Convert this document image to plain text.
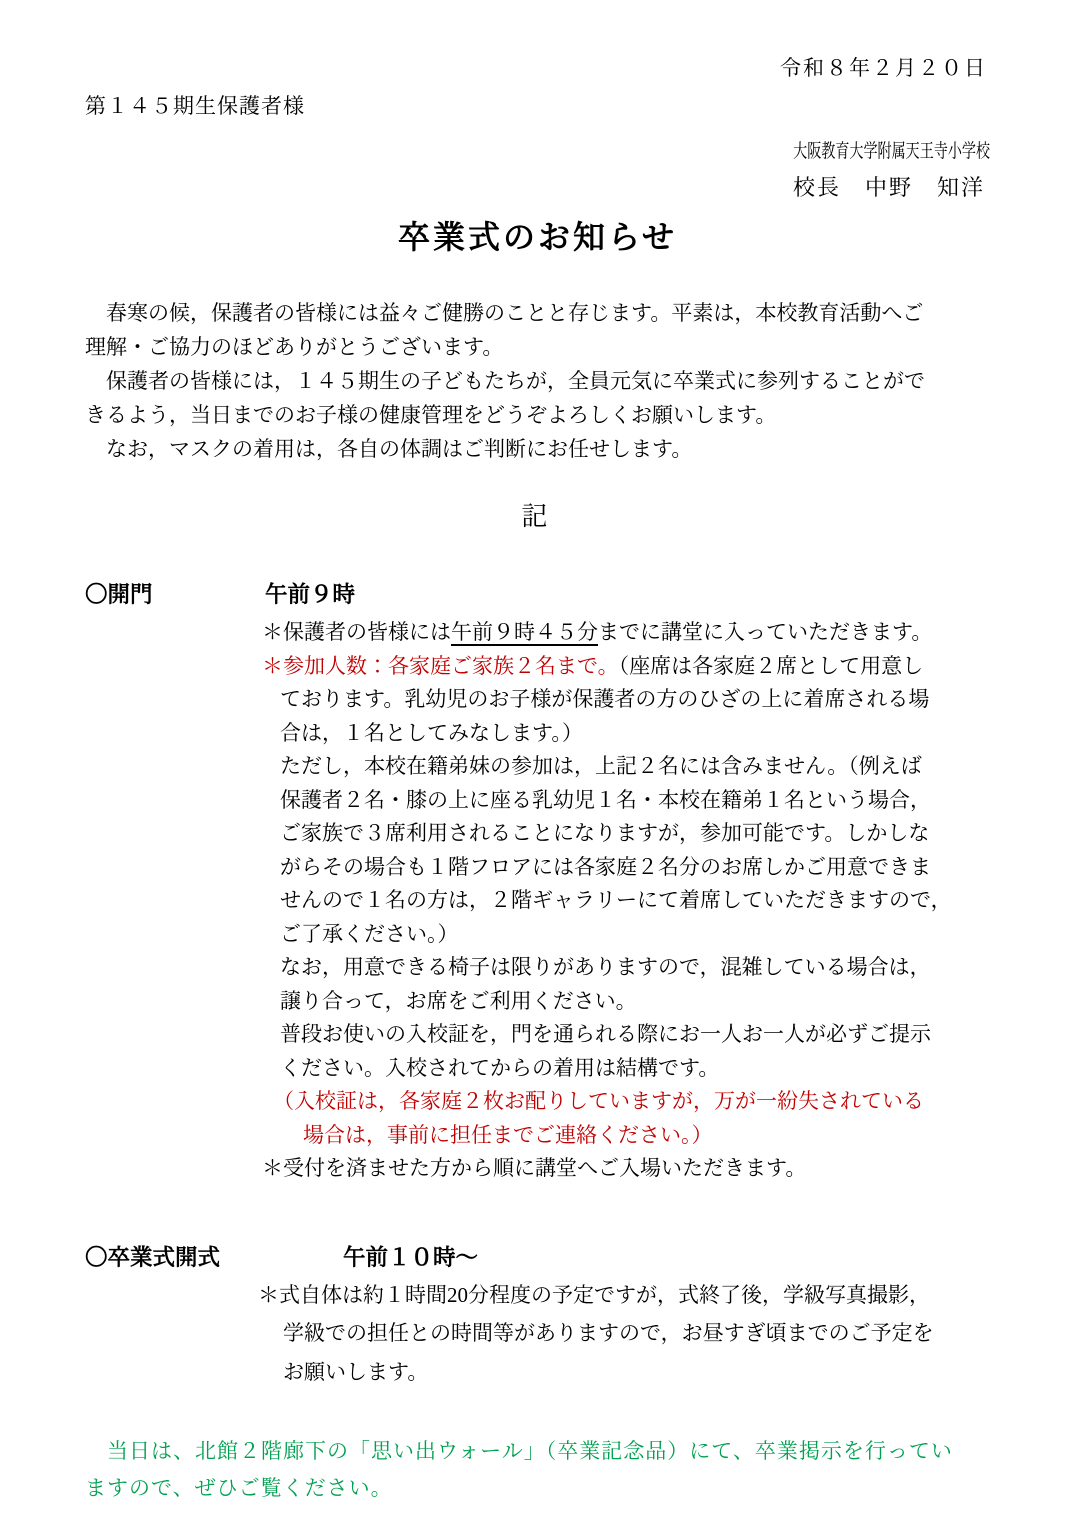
令和８年２月２０日
第１４５期生保護者様
大阪教育大学附属天王寺小学校
校長　中野　知洋
卒業式のお知らせ
　春寒の候，保護者の皆様には益々ご健勝のことと存じます。平素は，本校教育活動へご
理解・ご協力のほどありがとうございます。
　保護者の皆様には，１４５期生の子どもたちが，全員元気に卒業式に参列することがで
きるよう，当日までのお子様の健康管理をどうぞよろしくお願いします。
　なお，マスクの着用は，各自の体調はご判断にお任せします。
記
〇開門	午前９時
＊保護者の皆様には午前９時４５分までに講堂に入っていただきます。
＊参加人数：各家庭ご家族２名まで。（座席は各家庭２席として用意し
ております。乳幼児のお子様が保護者の方のひざの上に着席される場
合は，１名としてみなします。）
ただし，本校在籍弟妹の参加は，上記２名には含みません。（例えば
保護者２名・膝の上に座る乳幼児１名・本校在籍弟１名という場合，
ご家族で３席利用されることになりますが，参加可能です。しかしな
がらその場合も１階フロアには各家庭２名分のお席しかご用意できま
せんので１名の方は，２階ギャラリーにて着席していただきますので，
ご了承ください。）
なお，用意できる椅子は限りがありますので，混雑している場合は，
譲り合って，お席をご利用ください。
普段お使いの入校証を，門を通られる際にお一人お一人が必ずご提示
ください。入校されてからの着用は結構です。
（入校証は，各家庭２枚お配りしていますが，万が一紛失されている
場合は，事前に担任までご連絡ください。）
＊受付を済ませた方から順に講堂へご入場いただきます。
〇卒業式開式	午前１０時～
＊式自体は約１時間20分程度の予定ですが，式終了後，学級写真撮影，
学級での担任との時間等がありますので，お昼すぎ頃までのご予定を
お願いします。
　当日は、北館２階廊下の「思い出ウォール」（卒業記念品）にて、卒業掲示を行ってい
ますので、ぜひご覧ください。
